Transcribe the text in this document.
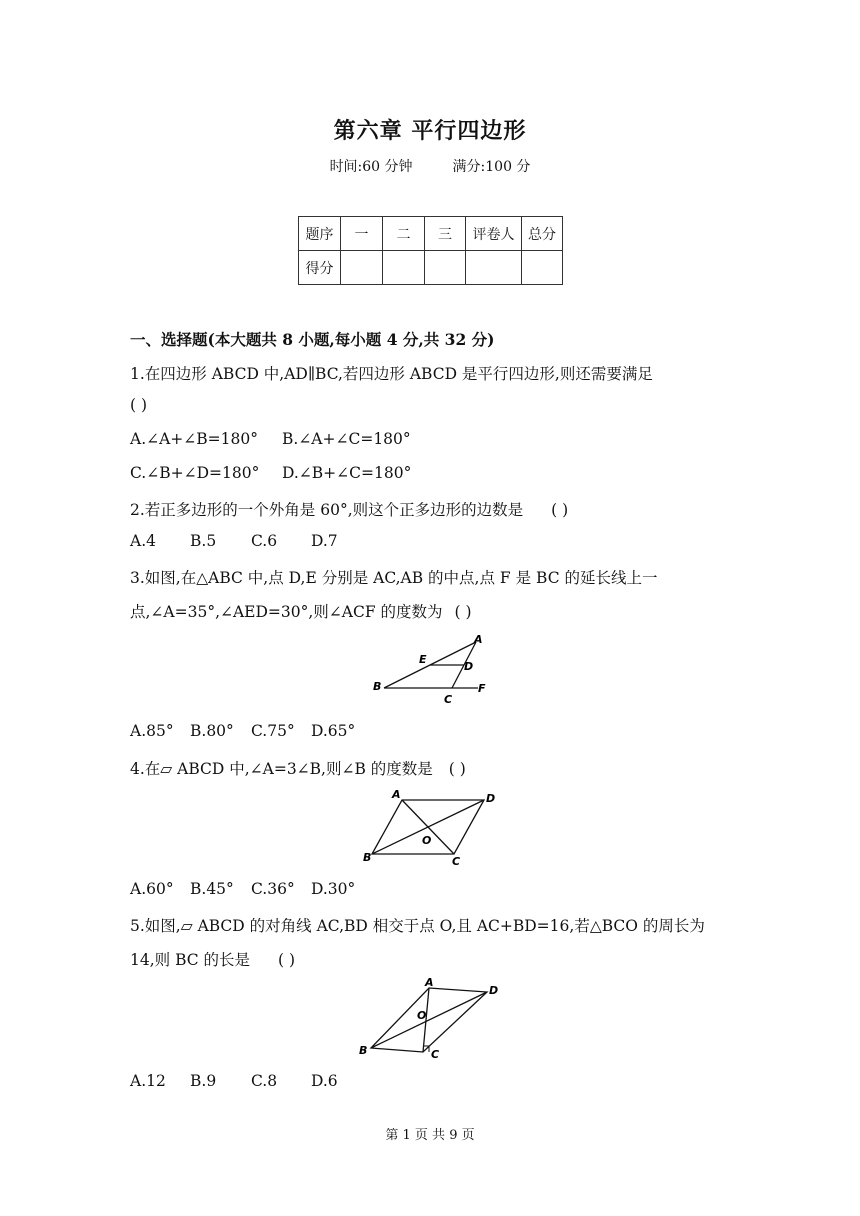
第六章 平行四边形
时间:60 分钟	满分:100 分
题序	一	二	三	评卷人	总分
得分					
一、选择题(本大题共 8 小题,每小题 4 分,共 32 分)
1.在四边形 ABCD 中,AD∥BC,若四边形 ABCD 是平行四边形,则还需要满足
( )
A.∠A+∠B=180° B.∠A+∠C=180°
C.∠B+∠D=180° D.∠B+∠C=180°
2.若正多边形的一个外角是 60°,则这个正多边形的边数是 ( )
A.4 B.5 C.6 D.7
3.如图,在△ABC 中,点 D,E 分别是 AC,AB 的中点,点 F 是 BC 的延长线上一
点,∠A=35°,∠AED=30°,则∠ACF 的度数为 ( )
A
E
D
B
C
F
A.85° B.80° C.75° D.65°
4.在▱ ABCD 中,∠A=3∠B,则∠B 的度数是 ( )
A	D
O
B	C
A.60° B.45° C.36° D.30°
5.如图,▱ ABCD 的对角线 AC,BD 相交于点 O,且 AC+BD=16,若△BCO 的周长为
14,则 BC 的长是 ( )
A
D
O
B	C
A.12 B.9 C.8 D.6
第 1 页 共 9 页
